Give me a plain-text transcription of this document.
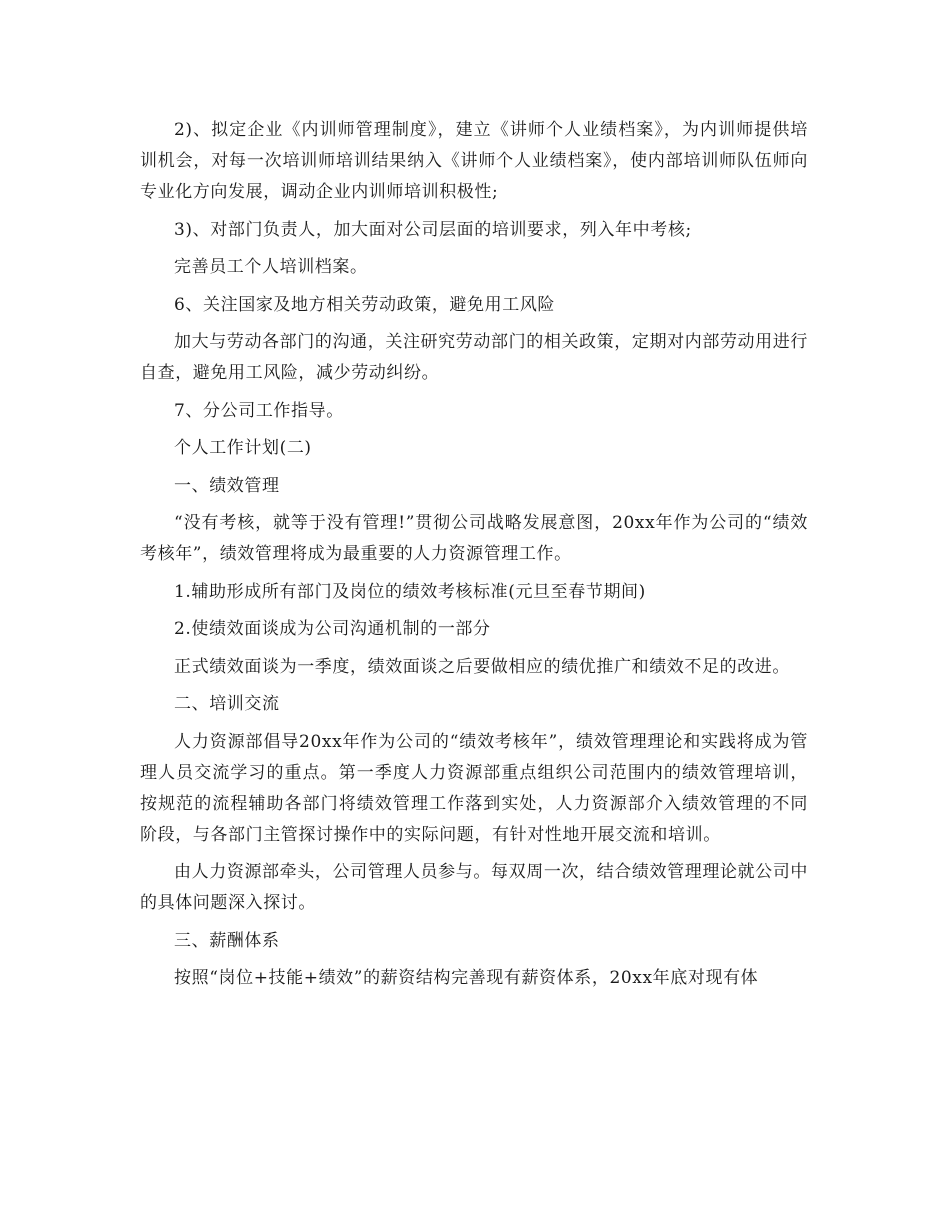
2)、拟定企业《内训师管理制度》，建立《讲师个人业绩档案》，为内训师提供培训机会，对每一次培训师培训结果纳入《讲师个人业绩档案》，使内部培训师队伍师向专业化方向发展，调动企业内训师培训积极性;

3)、对部门负责人，加大面对公司层面的培训要求，列入年中考核;

完善员工个人培训档案。

6、关注国家及地方相关劳动政策，避免用工风险

加大与劳动各部门的沟通，关注研究劳动部门的相关政策，定期对内部劳动用进行自查，避免用工风险，减少劳动纠纷。

7、分公司工作指导。

个人工作计划(二)

一、绩效管理

“没有考核，就等于没有管理!”贯彻公司战略发展意图，20xx年作为公司的“绩效考核年”，绩效管理将成为最重要的人力资源管理工作。

1.辅助形成所有部门及岗位的绩效考核标准(元旦至春节期间)

2.使绩效面谈成为公司沟通机制的一部分

正式绩效面谈为一季度，绩效面谈之后要做相应的绩优推广和绩效不足的改进。

二、培训交流

人力资源部倡导20xx年作为公司的“绩效考核年”，绩效管理理论和实践将成为管理人员交流学习的重点。第一季度人力资源部重点组织公司范围内的绩效管理培训，按规范的流程辅助各部门将绩效管理工作落到实处，人力资源部介入绩效管理的不同阶段，与各部门主管探讨操作中的实际问题，有针对性地开展交流和培训。

由人力资源部牵头，公司管理人员参与。每双周一次，结合绩效管理理论就公司中的具体问题深入探讨。

三、薪酬体系

按照“岗位+技能+绩效”的薪资结构完善现有薪资体系，20xx年底对现有体
